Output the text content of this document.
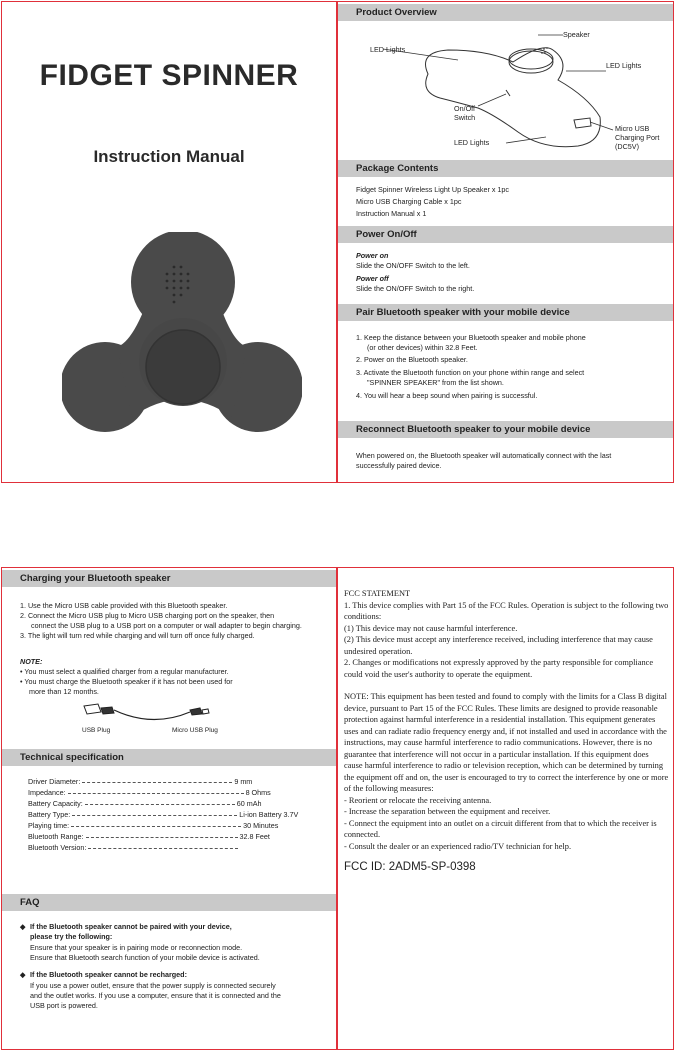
FIDGET SPINNER
Instruction Manual
Product Overview
Speaker
LED Lights
LED Lights
On/Off
Switch
LED Lights
Micro USB
Charging Port
(DC5V)
Package Contents
Fidget Spinner Wireless Light Up Speaker x 1pc
Micro USB Charging Cable x 1pc
Instruction Manual x 1
Power On/Off
Power on
Slide the ON/OFF Switch to the left.
Power off
Slide the ON/OFF Switch to the right.
Pair Bluetooth speaker with your mobile device
1. Keep the distance between your Bluetooth speaker and mobile phone
(or other devices) within 32.8 Feet.
2. Power on the Bluetooth speaker.
3. Activate the Bluetooth function on your phone within range and select
"SPINNER SPEAKER" from the list shown.
4. You will hear a beep sound when pairing is successful.
Reconnect Bluetooth speaker to your mobile device
When powered on, the Bluetooth speaker will automatically connect with the last
successfully paired device.
Charging your Bluetooth speaker
1. Use the Micro USB cable provided with this Bluetooth speaker.
2. Connect the Micro USB plug to Micro USB charging port on the speaker, then
connect the USB plug to a USB port on a computer or wall adapter to begin charging.
3. The light will turn red while charging and will turn off once fully charged.
NOTE:
• You must select a qualified charger from a regular manufacturer.
• You must charge the Bluetooth speaker if it has not been used for
more than 12 months.
USB Plug	Micro USB Plug
Technical specification
Driver Diameter:	9 mm
Impedance:	8 Ohms
Battery Capacity:	60 mAh
Battery Type:	Li-ion Battery 3.7V
Playing time:	30 Minutes
Bluetooth Range:	32.8 Feet
Bluetooth Version:
FAQ
◆ If the Bluetooth speaker cannot be paired with your device,
please try the following:
Ensure that your speaker is in pairing mode or reconnection mode.
Ensure that Bluetooth search function of your mobile device is activated.
◆ If the Bluetooth speaker cannot be recharged:
If you use a power outlet, ensure that the power supply is connected securely
and the outlet works. If you use a computer, ensure that it is connected and the
USB port is powered.
FCC STATEMENT
1. This device complies with Part 15 of the FCC Rules. Operation is subject to the following two conditions:
(1) This device may not cause harmful interference.
(2) This device must accept any interference received, including interference that may cause undesired operation.
2. Changes or modifications not expressly approved by the party responsible for compliance could void the user's authority to operate the equipment.
NOTE: This equipment has been tested and found to comply with the limits for a Class B digital device, pursuant to Part 15 of the FCC Rules. These limits are designed to provide reasonable protection against harmful interference in a residential installation. This equipment generates uses and can radiate radio frequency energy and, if not installed and used in accordance with the instructions, may cause harmful interference to radio communications. However, there is no guarantee that interference will not occur in a particular installation. If this equipment does cause harmful interference to radio or television reception, which can be determined by turning the equipment off and on, the user is encouraged to try to correct the interference by one or more of the following measures:
- Reorient or relocate the receiving antenna.
- Increase the separation between the equipment and receiver.
- Connect the equipment into an outlet on a circuit different from that to which the receiver is connected.
- Consult the dealer or an experienced radio/TV technician for help.
FCC ID: 2ADM5-SP-0398
